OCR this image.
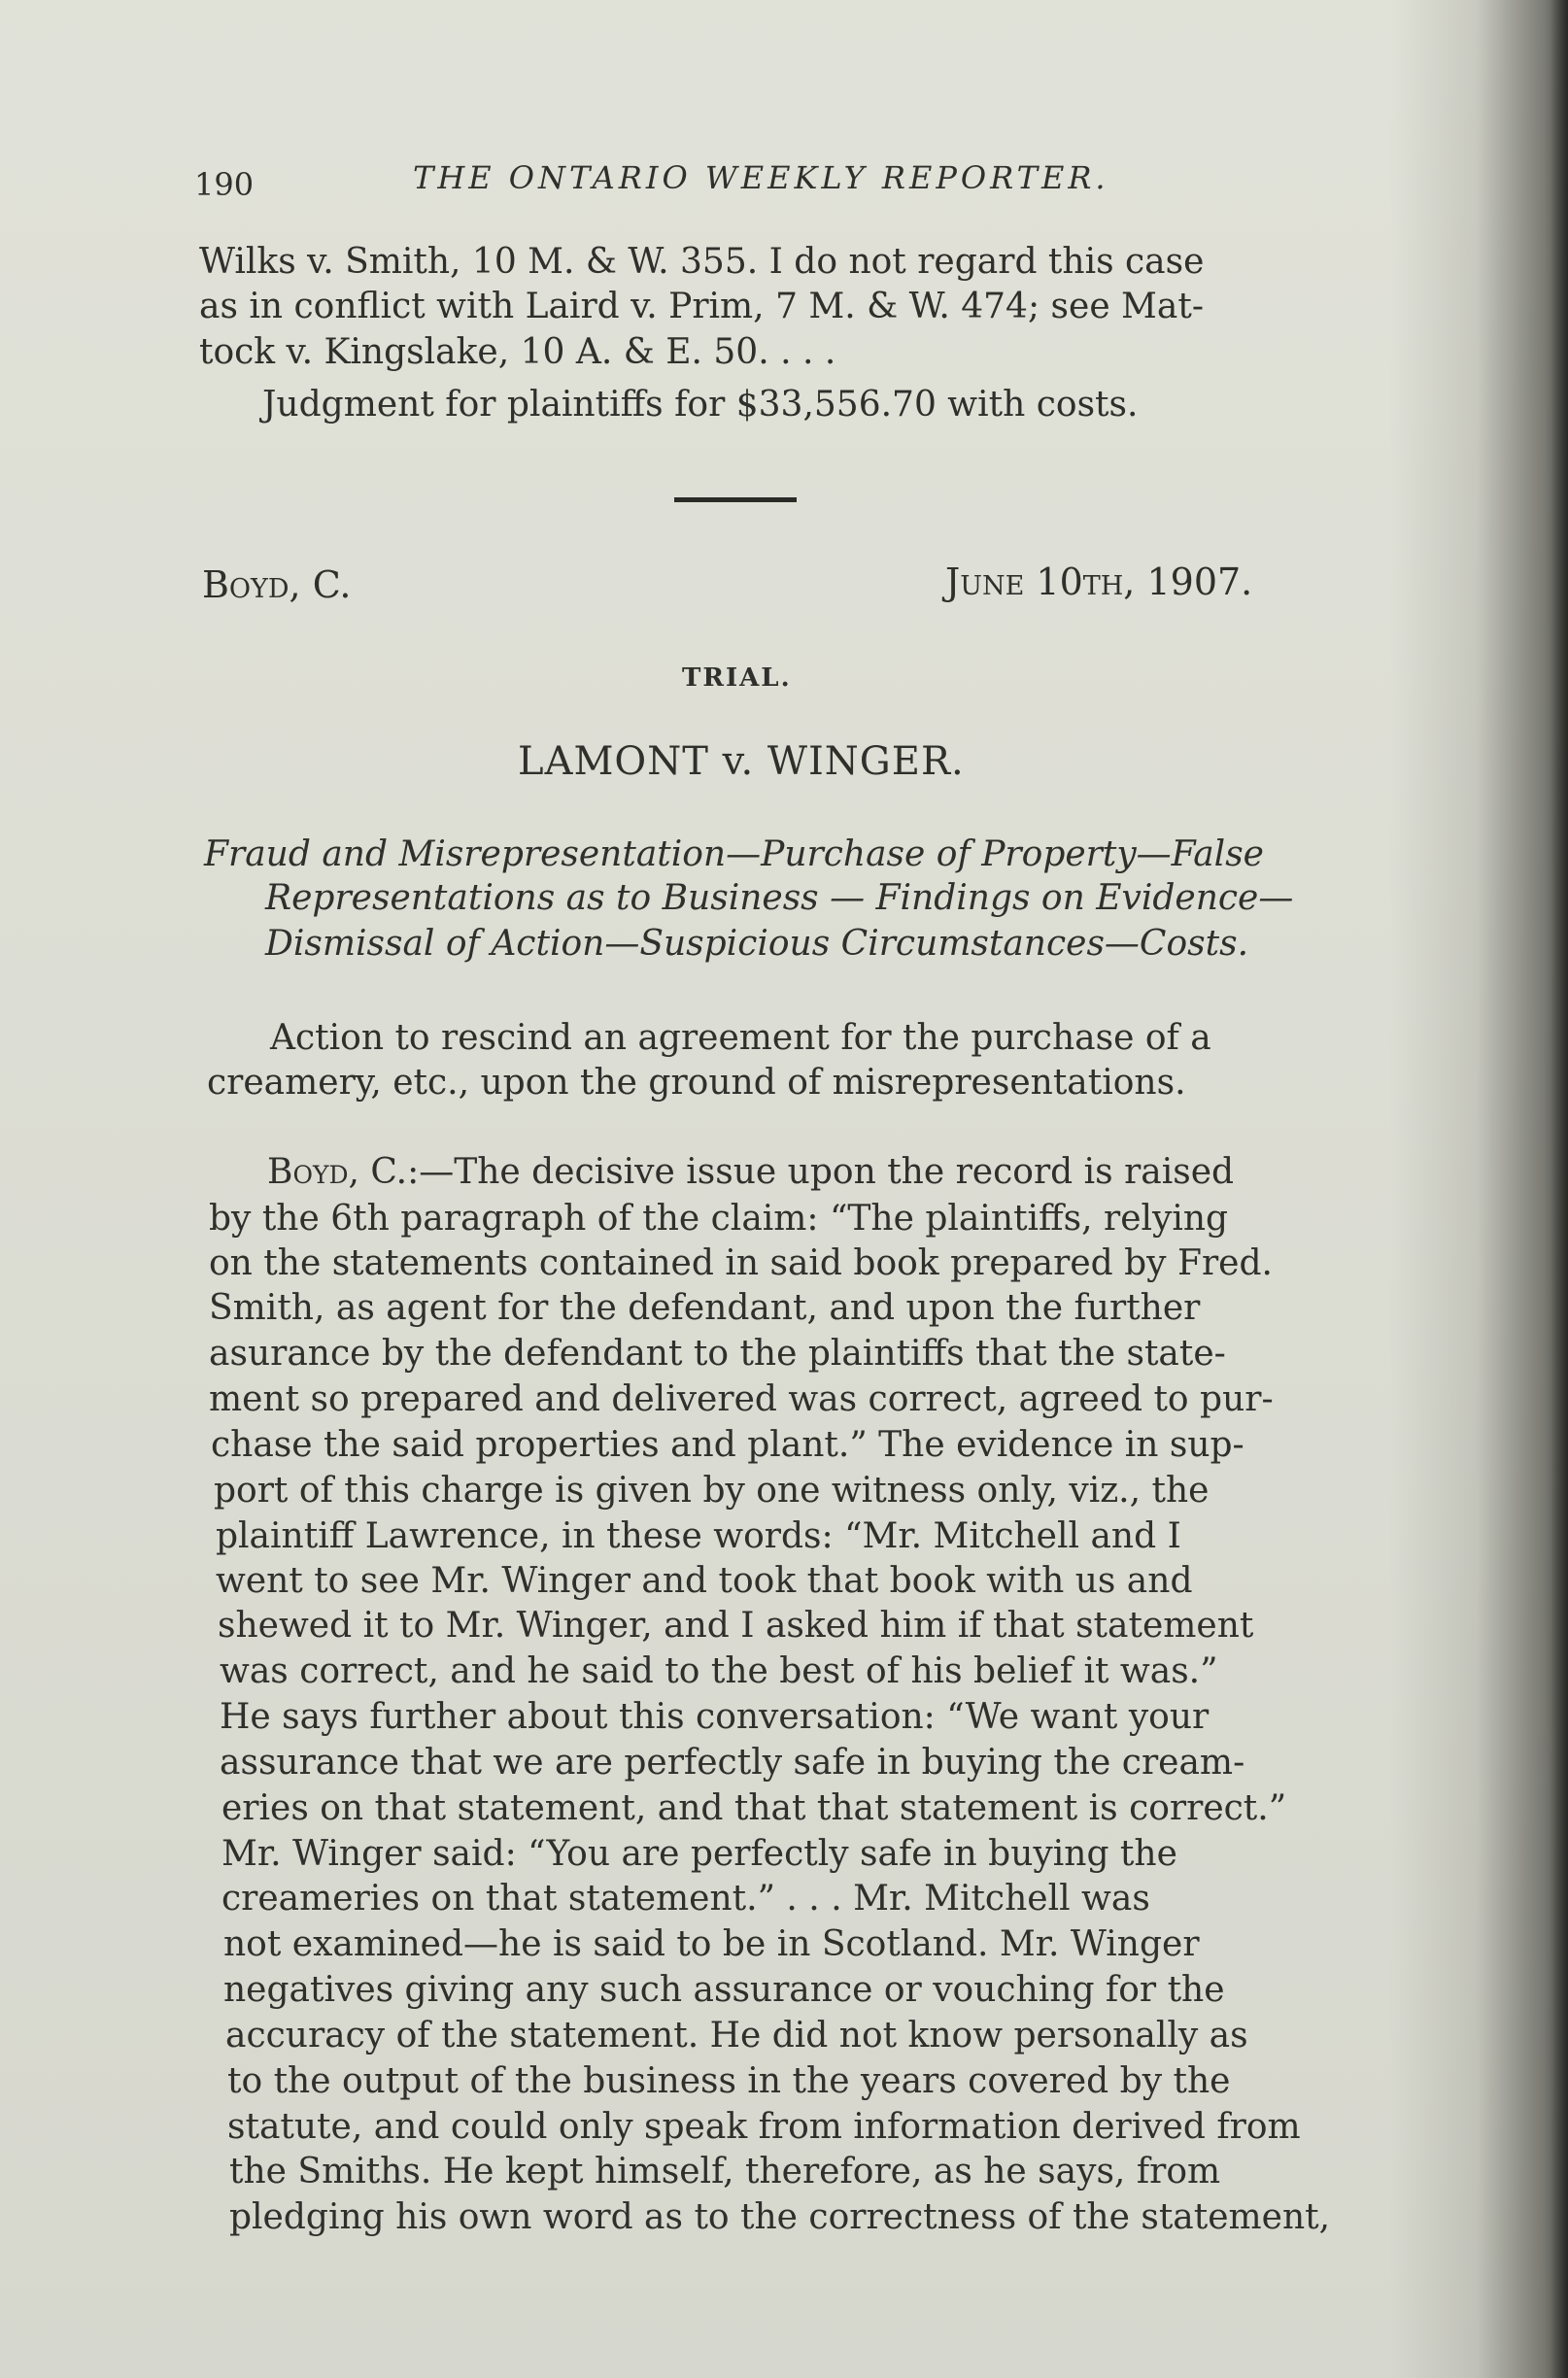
190	THE ONTARIO WEEKLY REPORTER.
Wilks v. Smith, 10 M. & W. 355. I do not regard this case
as in conflict with Laird v. Prim, 7 M. & W. 474; see Mat-
tock v. Kingslake, 10 A. & E. 50. . . .
Judgment for plaintiffs for $33,556.70 with costs.
Boyd, C.	June 10th, 1907.
TRIAL.
LAMONT v. WINGER.
Fraud and Misrepresentation—Purchase of Property—False
Representations as to Business — Findings on Evidence—
Dismissal of Action—Suspicious Circumstances—Costs.
Action to rescind an agreement for the purchase of a
creamery, etc., upon the ground of misrepresentations.
Boyd, C.:—The decisive issue upon the record is raised
by the 6th paragraph of the claim: “The plaintiffs, relying
on the statements contained in said book prepared by Fred.
Smith, as agent for the defendant, and upon the further
asurance by the defendant to the plaintiffs that the state-
ment so prepared and delivered was correct, agreed to pur-
chase the said properties and plant.” The evidence in sup-
port of this charge is given by one witness only, viz., the
plaintiff Lawrence, in these words: “Mr. Mitchell and I
went to see Mr. Winger and took that book with us and
shewed it to Mr. Winger, and I asked him if that statement
was correct, and he said to the best of his belief it was.”
He says further about this conversation: “We want your
assurance that we are perfectly safe in buying the cream-
eries on that statement, and that that statement is correct.”
Mr. Winger said: “You are perfectly safe in buying the
creameries on that statement.” . . . Mr. Mitchell was
not examined—he is said to be in Scotland. Mr. Winger
negatives giving any such assurance or vouching for the
accuracy of the statement. He did not know personally as
to the output of the business in the years covered by the
statute, and could only speak from information derived from
the Smiths. He kept himself, therefore, as he says, from
pledging his own word as to the correctness of the statement,
